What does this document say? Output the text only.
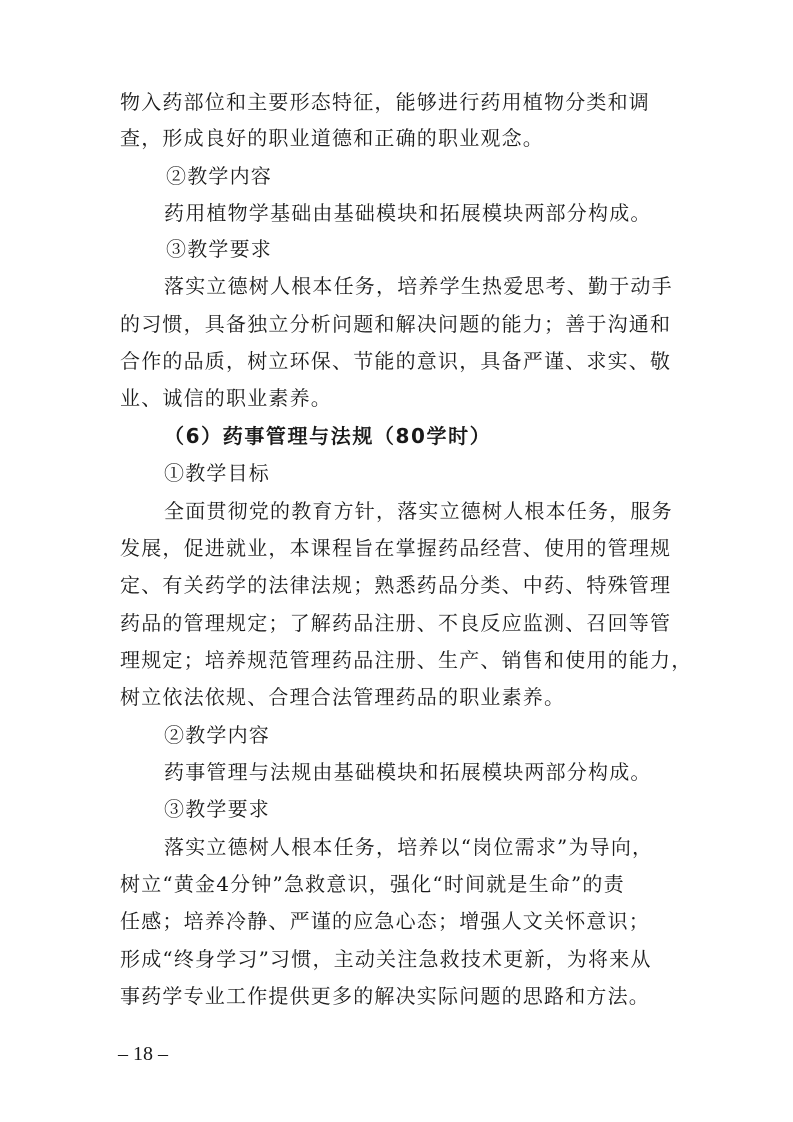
物入药部位和主要形态特征，能够进行药用植物分类和调
查，形成良好的职业道德和正确的职业观念。
②教学内容
药用植物学基础由基础模块和拓展模块两部分构成。
③教学要求
落实立德树人根本任务，培养学生热爱思考、勤于动手
的习惯，具备独立分析问题和解决问题的能力；善于沟通和
合作的品质，树立环保、节能的意识，具备严谨、求实、敬
业、诚信的职业素养。
（6）药事管理与法规（80学时）
①教学目标
全面贯彻党的教育方针，落实立德树人根本任务，服务
发展，促进就业，本课程旨在掌握药品经营、使用的管理规
定、有关药学的法律法规；熟悉药品分类、中药、特殊管理
药品的管理规定；了解药品注册、不良反应监测、召回等管
理规定；培养规范管理药品注册、生产、销售和使用的能力，
树立依法依规、合理合法管理药品的职业素养。
②教学内容
药事管理与法规由基础模块和拓展模块两部分构成。
③教学要求
落实立德树人根本任务，培养以“岗位需求”为导向，
树立“黄金4分钟”急救意识，强化“时间就是生命”的责
任感；培养冷静、严谨的应急心态；增强人文关怀意识；
形成“终身学习”习惯，主动关注急救技术更新，为将来从
事药学专业工作提供更多的解决实际问题的思路和方法。
– 18 –
